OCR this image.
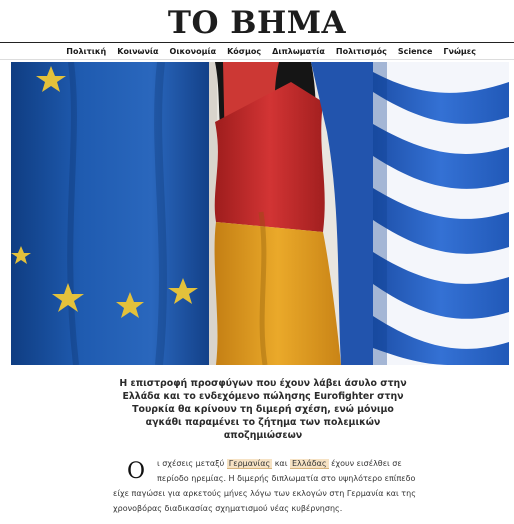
ΤΟ ΒΗΜΑ
Πολιτική Κοινωνία Οικονομία Κόσμος Διπλωματία Πολιτισμός Science Γνώμες
Η επιστροφή προσφύγων που έχουν λάβει άσυλο στην Ελλάδα και το ενδεχόμενο πώλησης Eurofighter στην Τουρκία θα κρίνουν τη διμερή σχέση, ενώ μόνιμο αγκάθι παραμένει το ζήτημα των πολεμικών αποζημιώσεων
Ο ι σχέσεις μεταξύ Γερμανίας και Ελλάδας έχουν εισέλθει σε περίοδο ηρεμίας. Η διμερής διπλωματία στο υψηλότερο επίπεδο είχε παγώσει για αρκετούς μήνες λόγω των εκλογών στη Γερμανία και της χρονοβόρας διαδικασίας σχηματισμού νέας κυβέρνησης.
